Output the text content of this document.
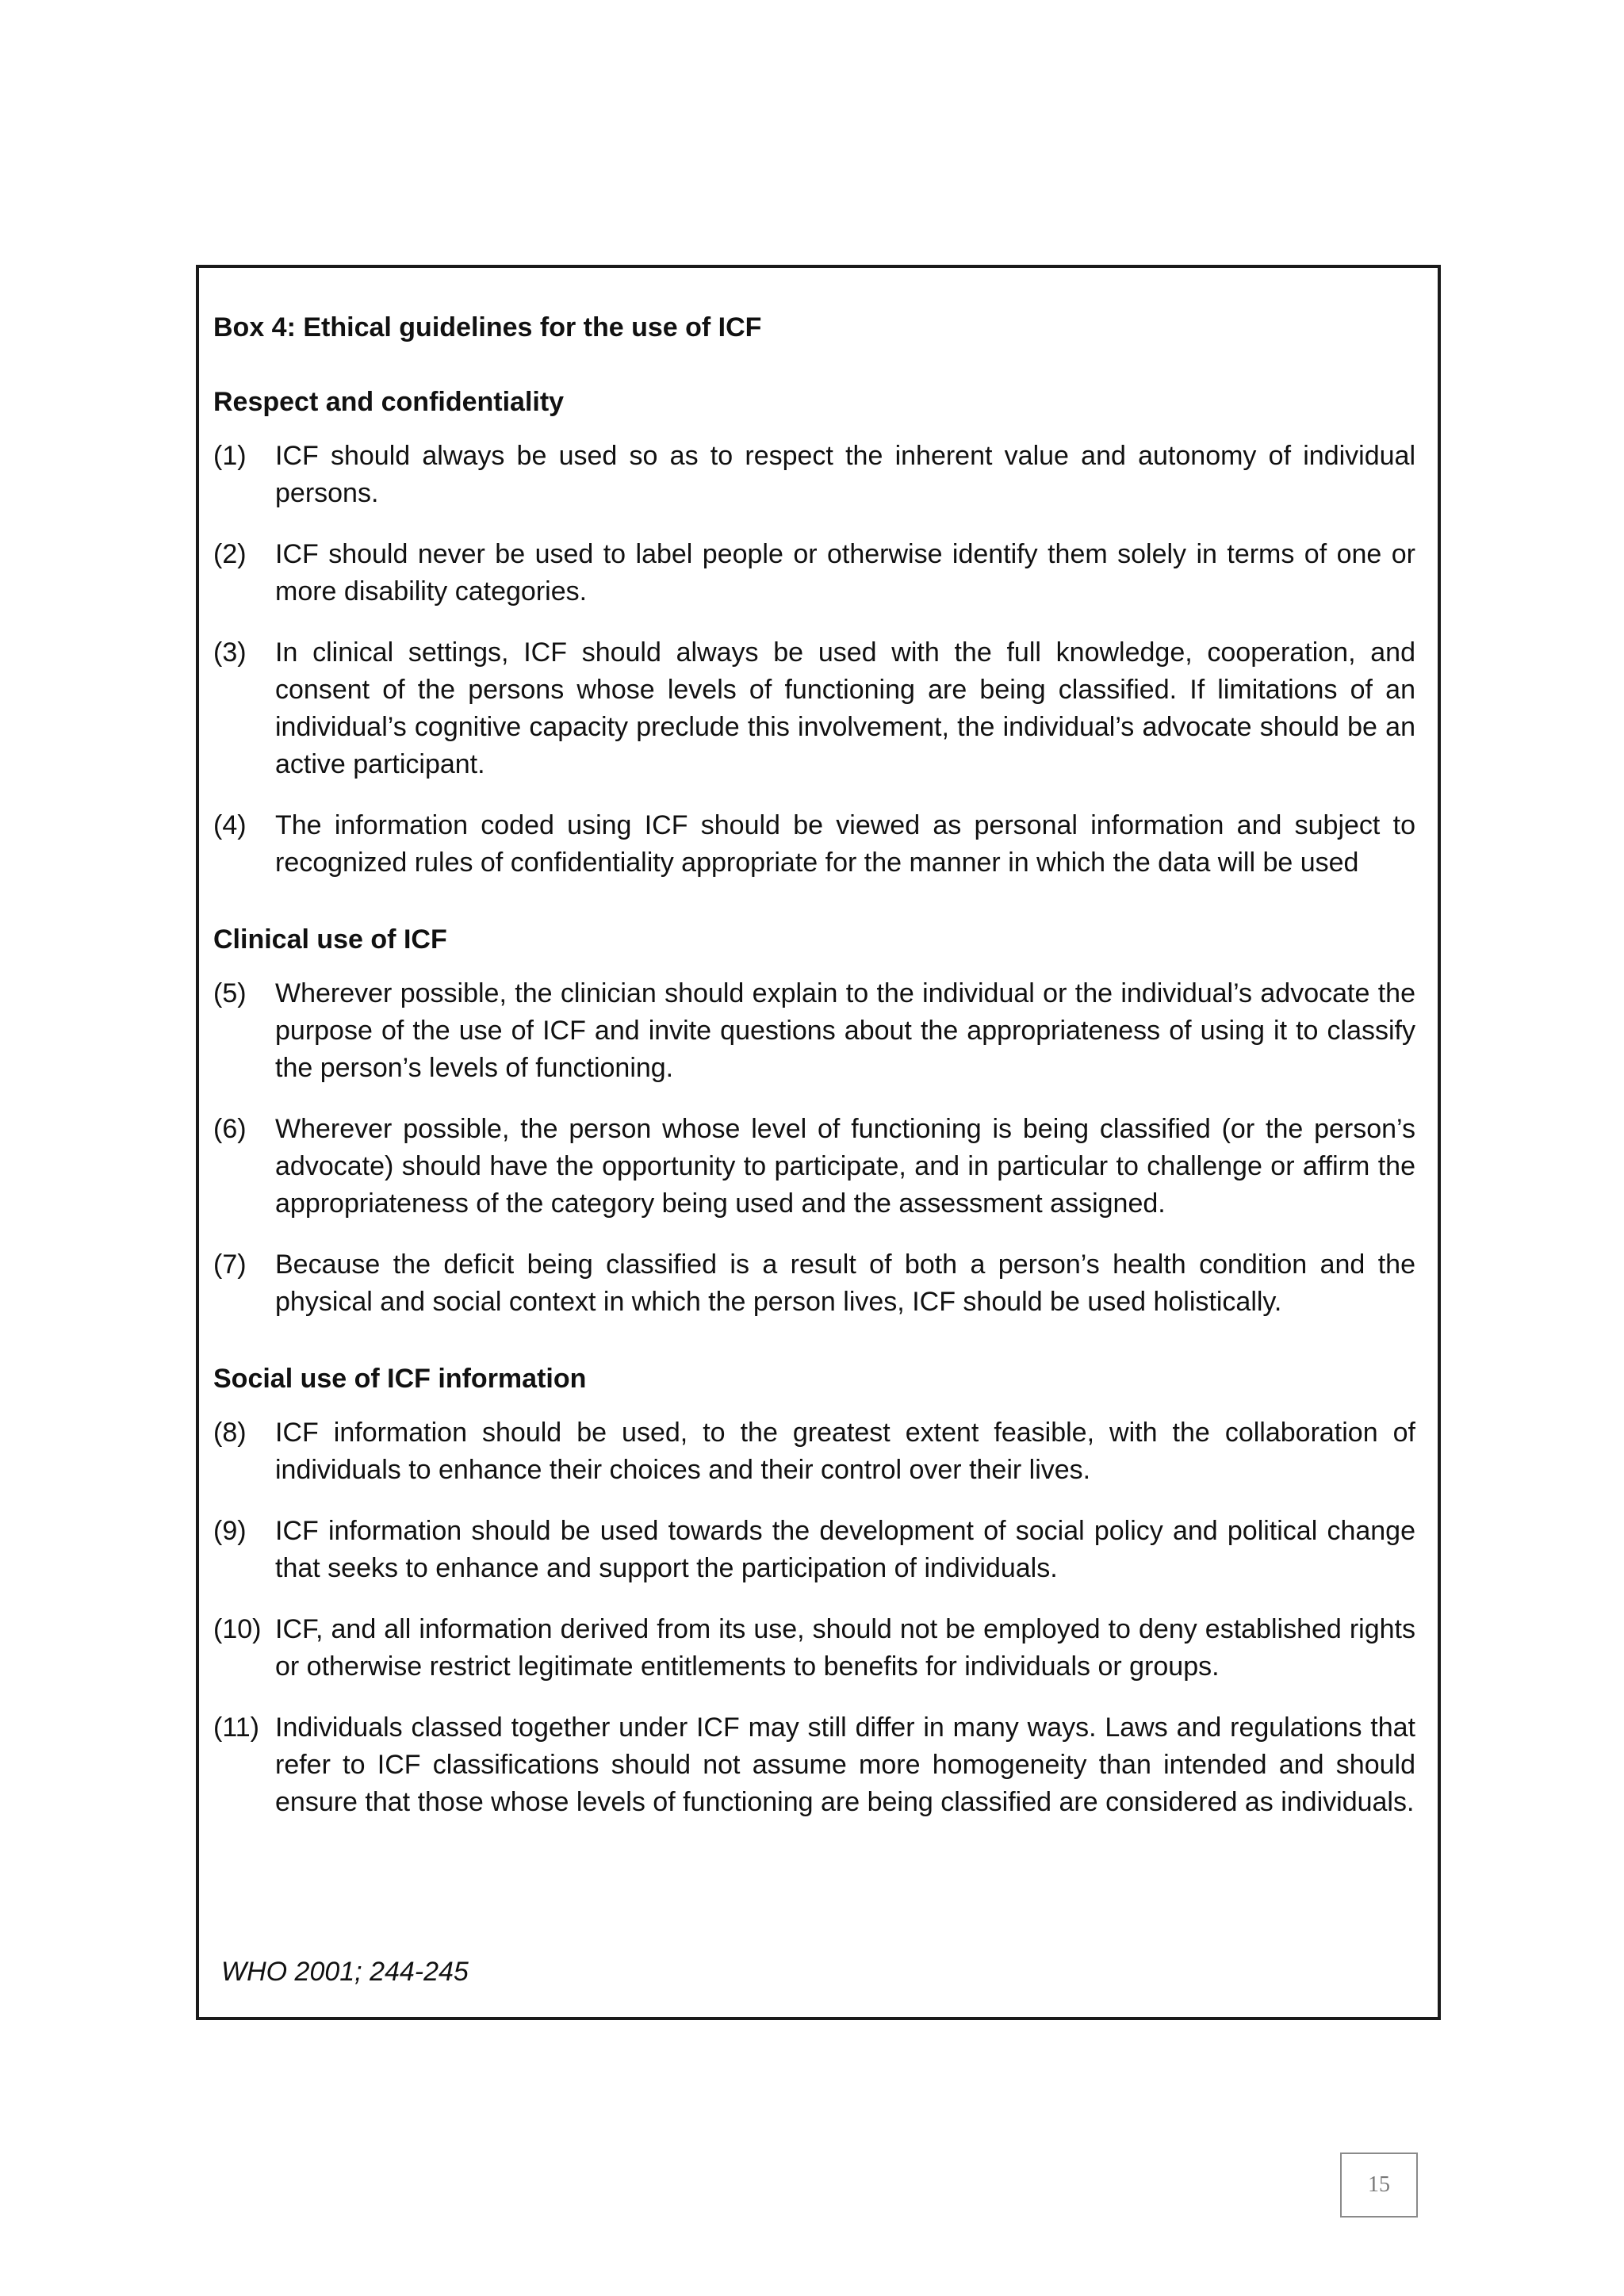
Box 4: Ethical guidelines for the use of ICF
Respect and confidentiality
(1) ICF should always be used so as to respect the inherent value and autonomy of individual persons.
(2) ICF should never be used to label people or otherwise identify them solely in terms of one or more disability categories.
(3) In clinical settings, ICF should always be used with the full knowledge, cooperation, and consent of the persons whose levels of functioning are being classified. If limitations of an individual’s cognitive capacity preclude this involvement, the individual’s advocate should be an active participant.
(4) The information coded using ICF should be viewed as personal information and subject to recognized rules of confidentiality appropriate for the manner in which the data will be used
Clinical use of ICF
(5) Wherever possible, the clinician should explain to the individual or the individual’s advocate the purpose of the use of ICF and invite questions about the appropriateness of using it to classify the person’s levels of functioning.
(6) Wherever possible, the person whose level of functioning is being classified (or the person’s advocate) should have the opportunity to participate, and in particular to challenge or affirm the appropriateness of the category being used and the assessment assigned.
(7) Because the deficit being classified is a result of both a person’s health condition and the physical and social context in which the person lives, ICF should be used holistically.
Social use of ICF information
(8) ICF information should be used, to the greatest extent feasible, with the collaboration of individuals to enhance their choices and their control over their lives.
(9) ICF information should be used towards the development of social policy and political change that seeks to enhance and support the participation of individuals.
(10) ICF, and all information derived from its use, should not be employed to deny established rights or otherwise restrict legitimate entitlements to benefits for individuals or groups.
(11) Individuals classed together under ICF may still differ in many ways. Laws and regulations that refer to ICF classifications should not assume more homogeneity than intended and should ensure that those whose levels of functioning are being classified are considered as individuals.
WHO 2001; 244-245
15
